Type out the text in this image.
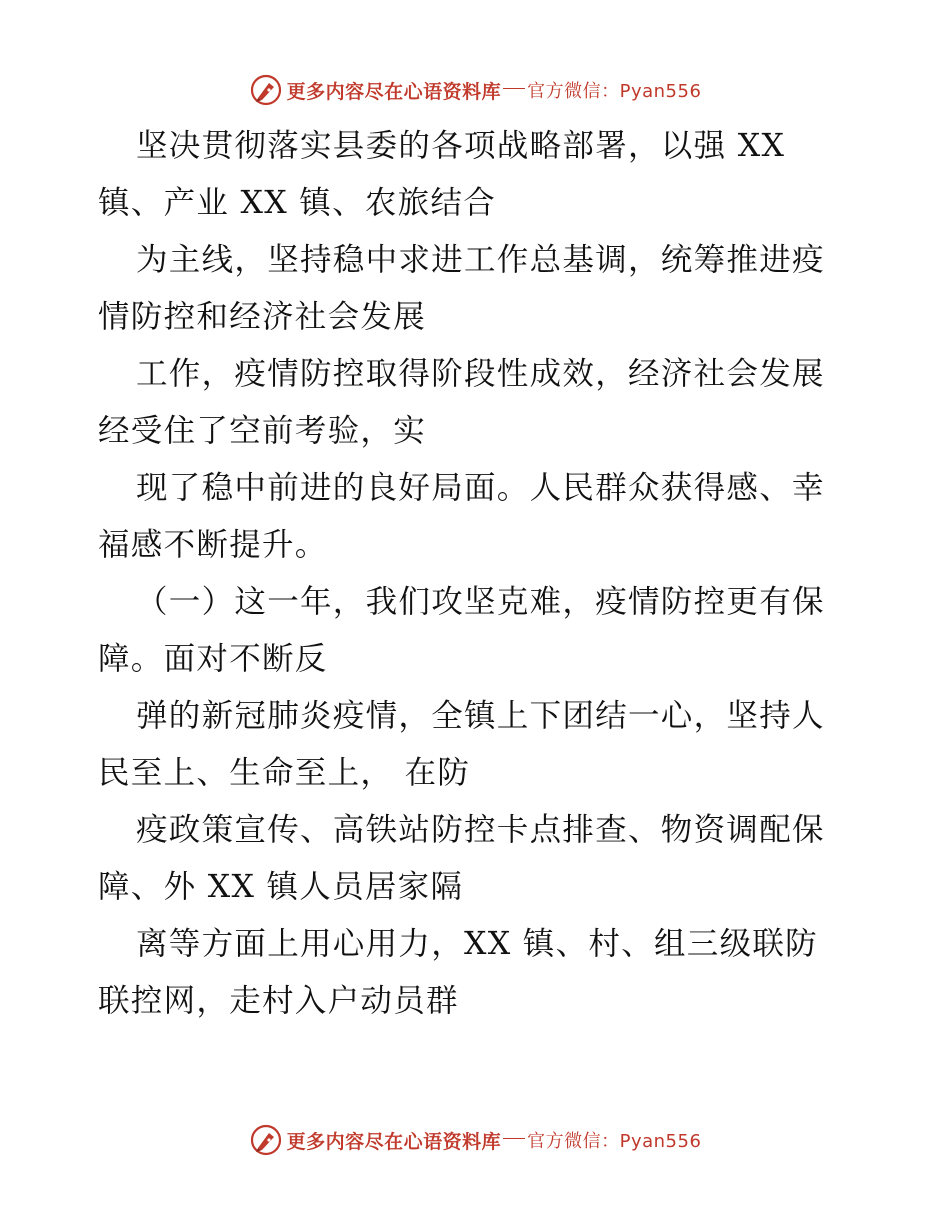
更多内容尽在心语资料库 官方微信：Pyan556
坚决贯彻落实县委的各项战略部署，以强 XX
镇、产业 XX 镇、农旅结合
为主线，坚持稳中求进工作总基调，统筹推进疫
情防控和经济社会发展
工作，疫情防控取得阶段性成效，经济社会发展
经受住了空前考验，实
现了稳中前进的良好局面。人民群众获得感、幸
福感不断提升。
（一）这一年，我们攻坚克难，疫情防控更有保
障。面对不断反
弹的新冠肺炎疫情，全镇上下团结一心，坚持人
民至上、生命至上， 在防
疫政策宣传、高铁站防控卡点排查、物资调配保
障、外 XX 镇人员居家隔
离等方面上用心用力，XX 镇、村、组三级联防
联控网，走村入户动员群
更多内容尽在心语资料库 官方微信：Pyan556
